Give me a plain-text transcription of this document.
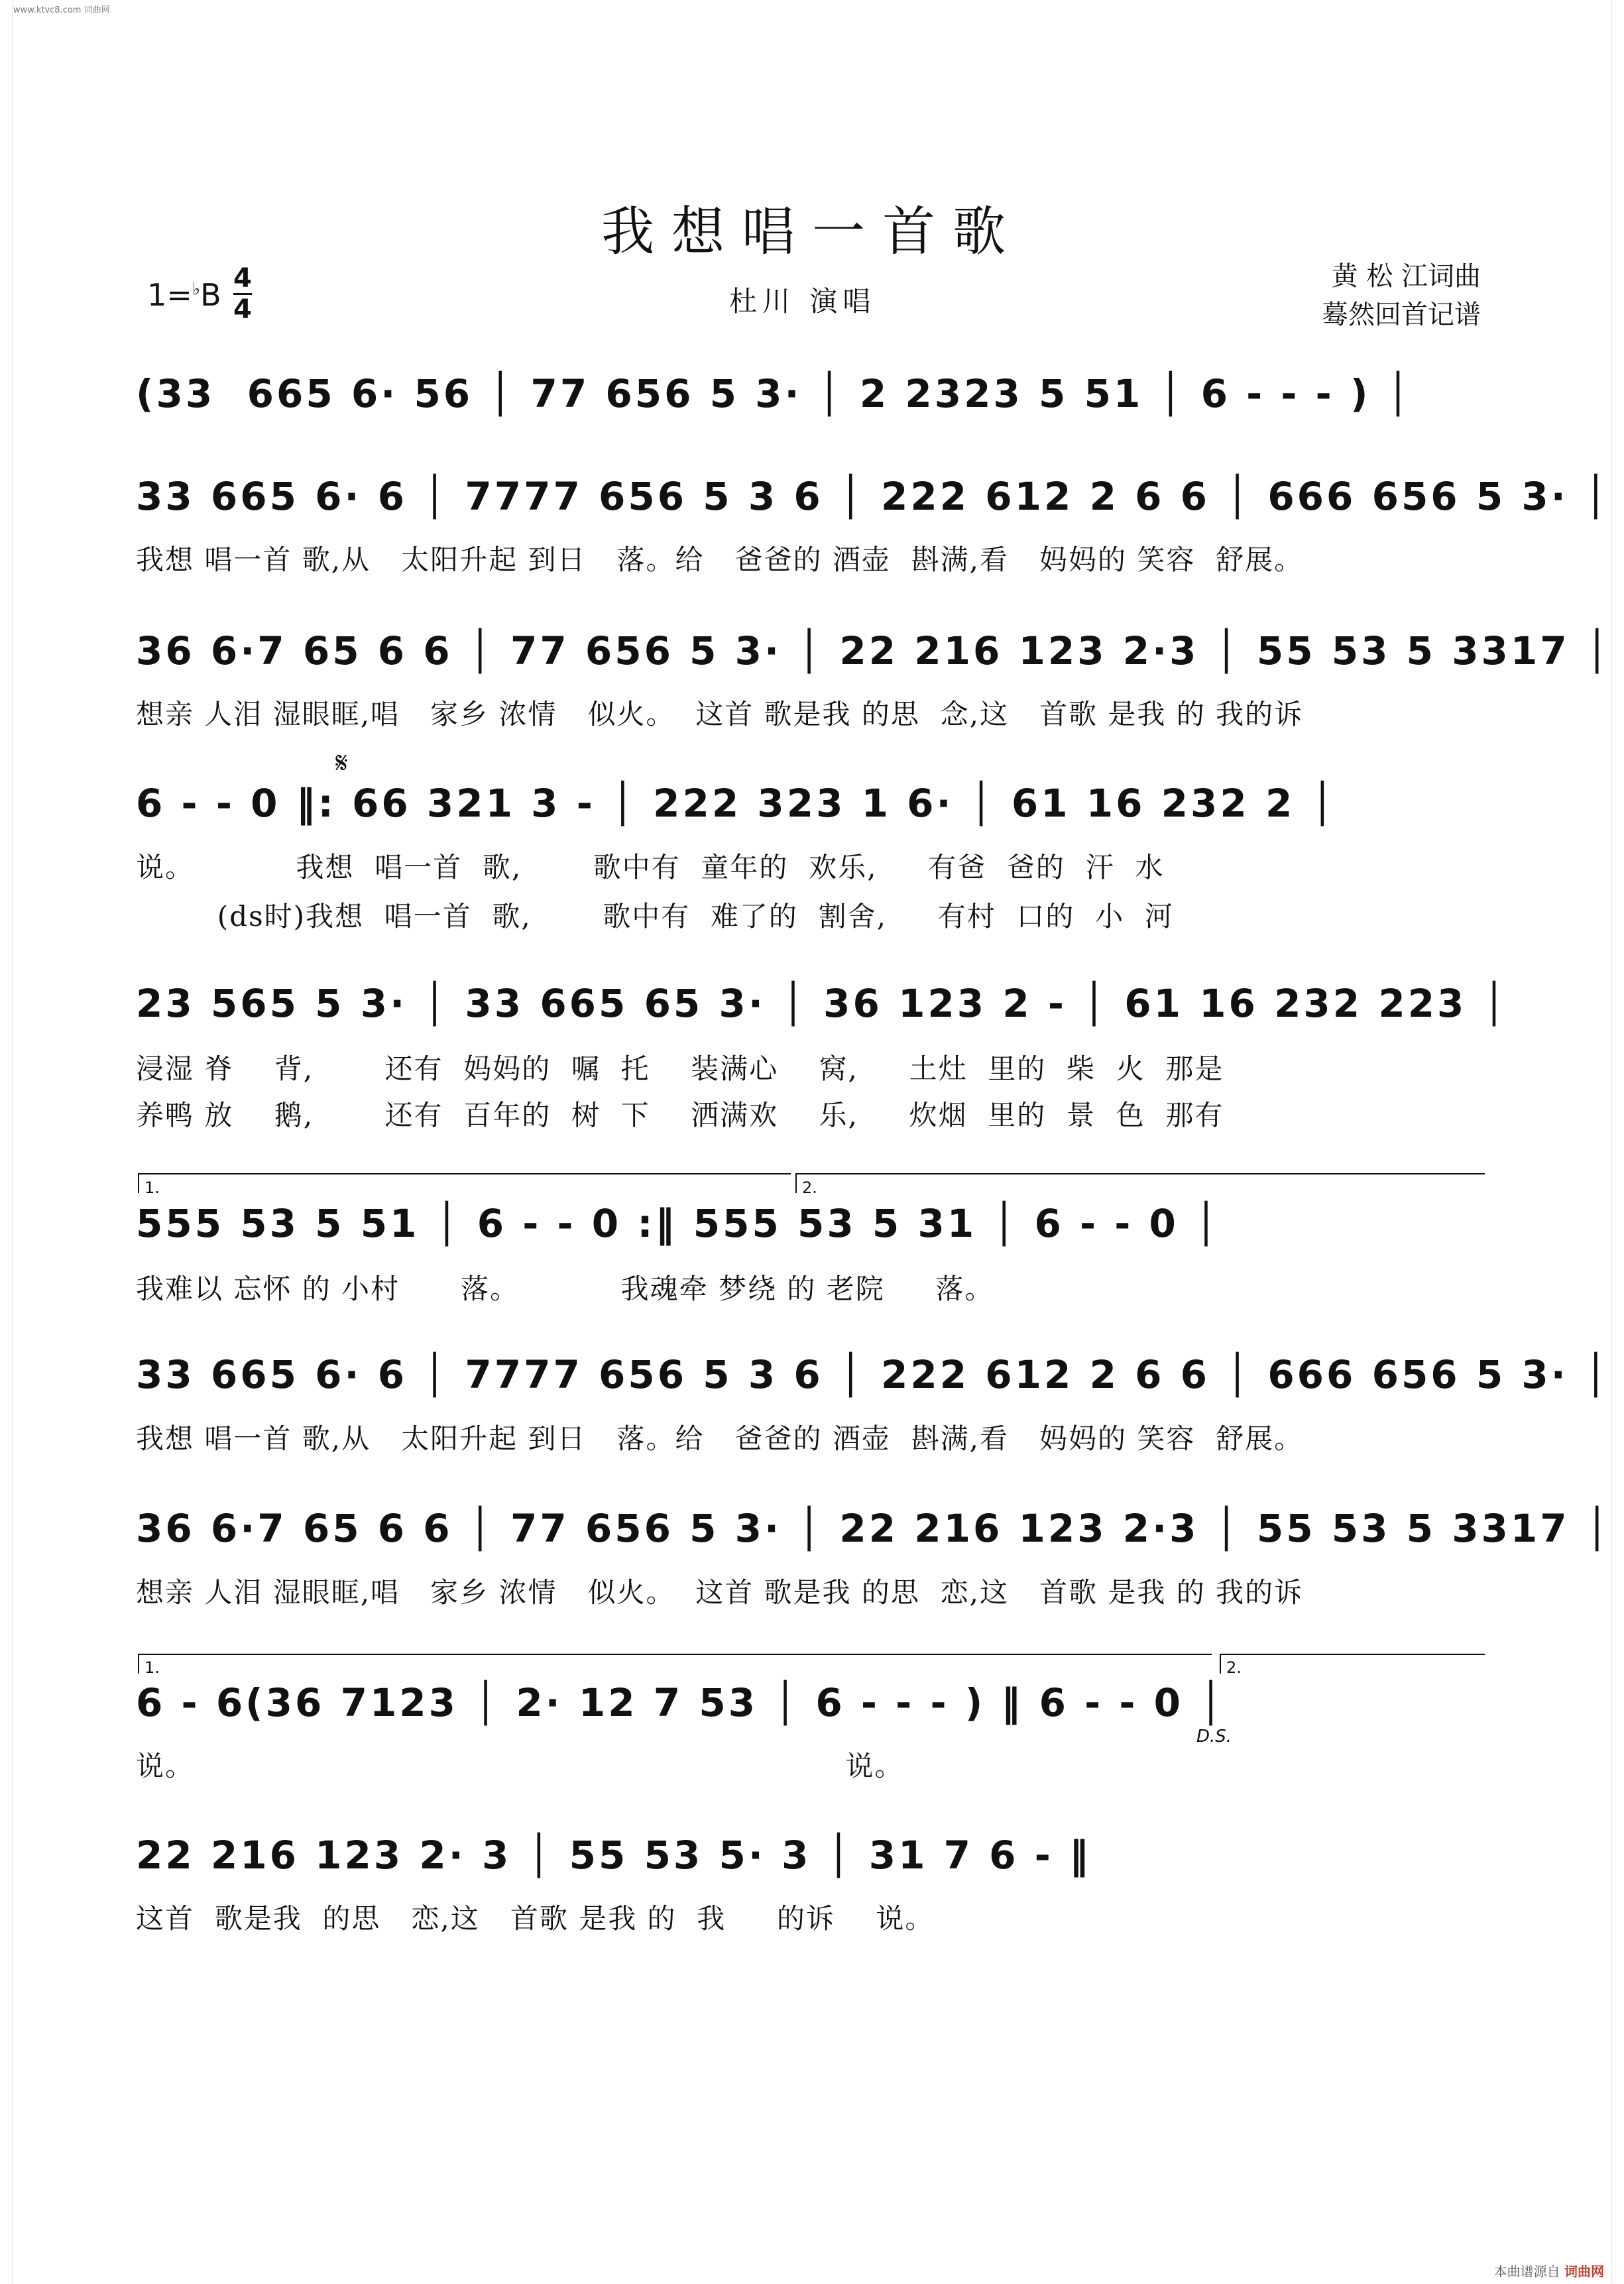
www.ktvc8.com 词曲网
我想唱一首歌
1=♭B 4
4	杜川 演唱
黄 松 江词曲
蓦然回首记谱
(33  665 6· 56 │ 77 656 5 3· │ 2 2323 5 51 │ 6 - - - ) │
33 665 6· 6 │ 7777 656 5 3 6 │ 222 612 2 6 6 │ 666 656 5 3· │
我想 唱一首 歌,从   太阳升起 到日   落。给   爸爸的 酒壶  斟满,看   妈妈的 笑容  舒展。
36 6·7 65 6 6 │ 77 656 5 3· │ 22 216 123 2·3 │ 55 53 5 3317 │
想亲 人泪 湿眼眶,唱   家乡 浓情   似火。  这首 歌是我 的思  念,这   首歌 是我 的 我的诉
𝄋
6 - - 0 ‖: 66 321 3 - │ 222 323 1 6· │ 61 16 232 2 │
说。          我想  唱一首  歌,       歌中有  童年的  欢乐,     有爸  爸的  汗  水
(ds时)我想  唱一首  歌,       歌中有  难了的  割舍,     有村  口的  小  河
23 565 5 3· │ 33 665 65 3· │ 36 123 2 - │ 61 16 232 223 │
浸湿 脊    背,       还有  妈妈的  嘱  托    装满心    窝,     土灶  里的  柴  火  那是
养鸭 放    鹅,       还有  百年的  树  下    洒满欢    乐,     炊烟  里的  景  色  那有
1.	2.
555 53 5 51 │ 6 - - 0 :‖ 555 53 5 31 │ 6 - - 0 │
我难以 忘怀 的 小村      落。          我魂牵 梦绕 的 老院     落。
33 665 6· 6 │ 7777 656 5 3 6 │ 222 612 2 6 6 │ 666 656 5 3· │
我想 唱一首 歌,从   太阳升起 到日   落。给   爸爸的 酒壶  斟满,看   妈妈的 笑容  舒展。
36 6·7 65 6 6 │ 77 656 5 3· │ 22 216 123 2·3 │ 55 53 5 3317 │
想亲 人泪 湿眼眶,唱   家乡 浓情   似火。  这首 歌是我 的思  恋,这   首歌 是我 的 我的诉
1.	2.
6 - 6(36 7123 │ 2· 12 7 53 │ 6 - - - ) ‖ 6 - - 0 │
D.S.
说。                                                                说。
22 216 123 2· 3 │ 55 53 5· 3 │ 31 7 6 - ‖
这首  歌是我  的思   恋,这   首歌 是我 的  我     的诉    说。
本曲谱源自 词曲网
